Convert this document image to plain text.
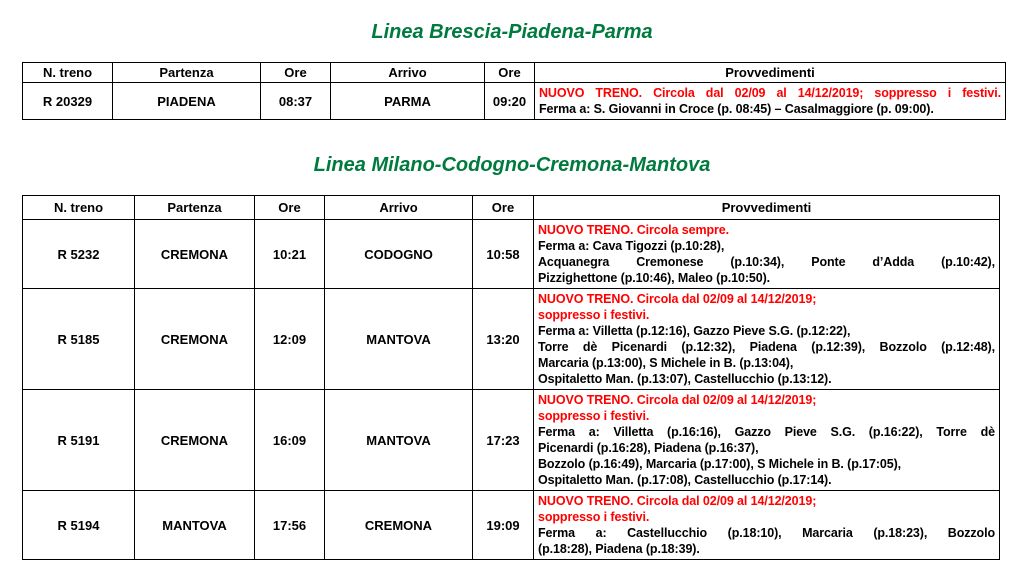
Linea Brescia-Piadena-Parma
N. treno	Partenza	Ore	Arrivo	Ore	Provvedimenti
R 20329	PIADENA	08:37	PARMA	09:20	NUOVO TRENO. Circola dal 02/09 al 14/12/2019; soppresso i festivi.
Ferma a: S. Giovanni in Croce (p. 08:45) – Casalmaggiore (p. 09:00).
Linea Milano-Codogno-Cremona-Mantova
N. treno	Partenza	Ore	Arrivo	Ore	Provvedimenti
R 5232	CREMONA	10:21	CODOGNO	10:58	NUOVO TRENO. Circola sempre.
Ferma a: Cava Tigozzi (p.10:28),
Acquanegra Cremonese (p.10:34), Ponte d’Adda (p.10:42),
Pizzighettone (p.10:46), Maleo (p.10:50).

R 5185	CREMONA	12:09	MANTOVA	13:20	
NUOVO TRENO. Circola dal 02/09 al 14/12/2019;
soppresso i festivi.
Ferma a: Villetta (p.12:16), Gazzo Pieve S.G. (p.12:22),
Torre dè Picenardi (p.12:32), Piadena (p.12:39), Bozzolo (p.12:48),
Marcaria (p.13:00), S Michele in B. (p.13:04),
Ospitaletto Man. (p.13:07), Castellucchio (p.13:12).

R 5191	CREMONA	16:09	MANTOVA	17:23	
NUOVO TRENO. Circola dal 02/09 al 14/12/2019;
soppresso i festivi.
Ferma a: Villetta (p.16:16), Gazzo Pieve S.G. (p.16:22), Torre dè
Picenardi (p.16:28), Piadena (p.16:37),
Bozzolo (p.16:49), Marcaria (p.17:00), S Michele in B. (p.17:05),
Ospitaletto Man. (p.17:08), Castellucchio (p.17:14).

R 5194	MANTOVA	17:56	CREMONA	19:09	NUOVO TRENO. Circola dal 02/09 al 14/12/2019;
soppresso i festivi.
Ferma a: Castellucchio (p.18:10), Marcaria (p.18:23), Bozzolo
(p.18:28), Piadena (p.18:39).
